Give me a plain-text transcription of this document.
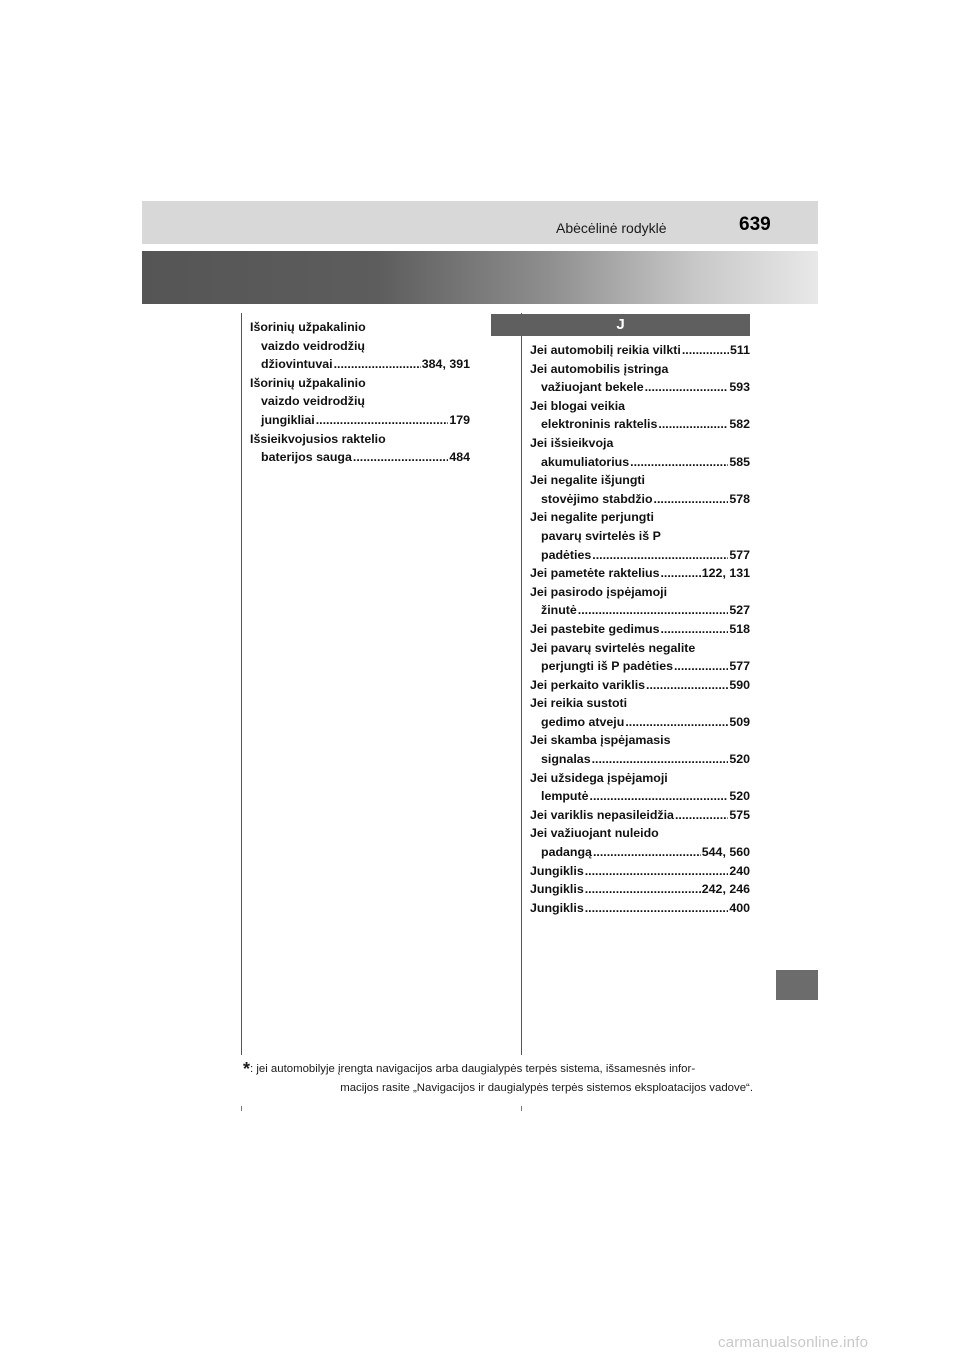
Abėcėlinė rodyklė	639
Išorinių užpakalinio
vaizdo veidrodžių
džiovintuvai .....	384, 391
Išorinių užpakalinio
vaizdo veidrodžių
jungikliai .....	179
Išsieikvojusios raktelio
baterijos sauga .....	484
J
Jei automobilį reikia vilkti .....	511
Jei automobilis įstringa
važiuojant bekele .....	593
Jei blogai veikia
elektroninis raktelis .....	582
Jei išsieikvoja
akumuliatorius .....	585
Jei negalite išjungti
stovėjimo stabdžio .....	578
Jei negalite perjungti
pavarų svirtelės iš P
padėties .....	577
Jei pametėte raktelius .....	122, 131
Jei pasirodo įspėjamoji
žinutė .....	527
Jei pastebite gedimus .....	518
Jei pavarų svirtelės negalite
perjungti iš P padėties .....	577
Jei perkaito variklis .....	590
Jei reikia sustoti
gedimo atveju .....	509
Jei skamba įspėjamasis
signalas .....	520
Jei užsidega įspėjamoji
lemputė .....	520
Jei variklis nepasileidžia .....	575
Jei važiuojant nuleido
padangą .....	544, 560
Jungiklis .....	240
Jungiklis .....	242, 246
Jungiklis .....	400
*: jei automobilyje įrengta navigacijos arba daugialypės terpės sistema, išsamesnės infor-
macijos rasite „Navigacijos ir daugialypės terpės sistemos eksploatacijos vadove“.
carmanualsonline.info
